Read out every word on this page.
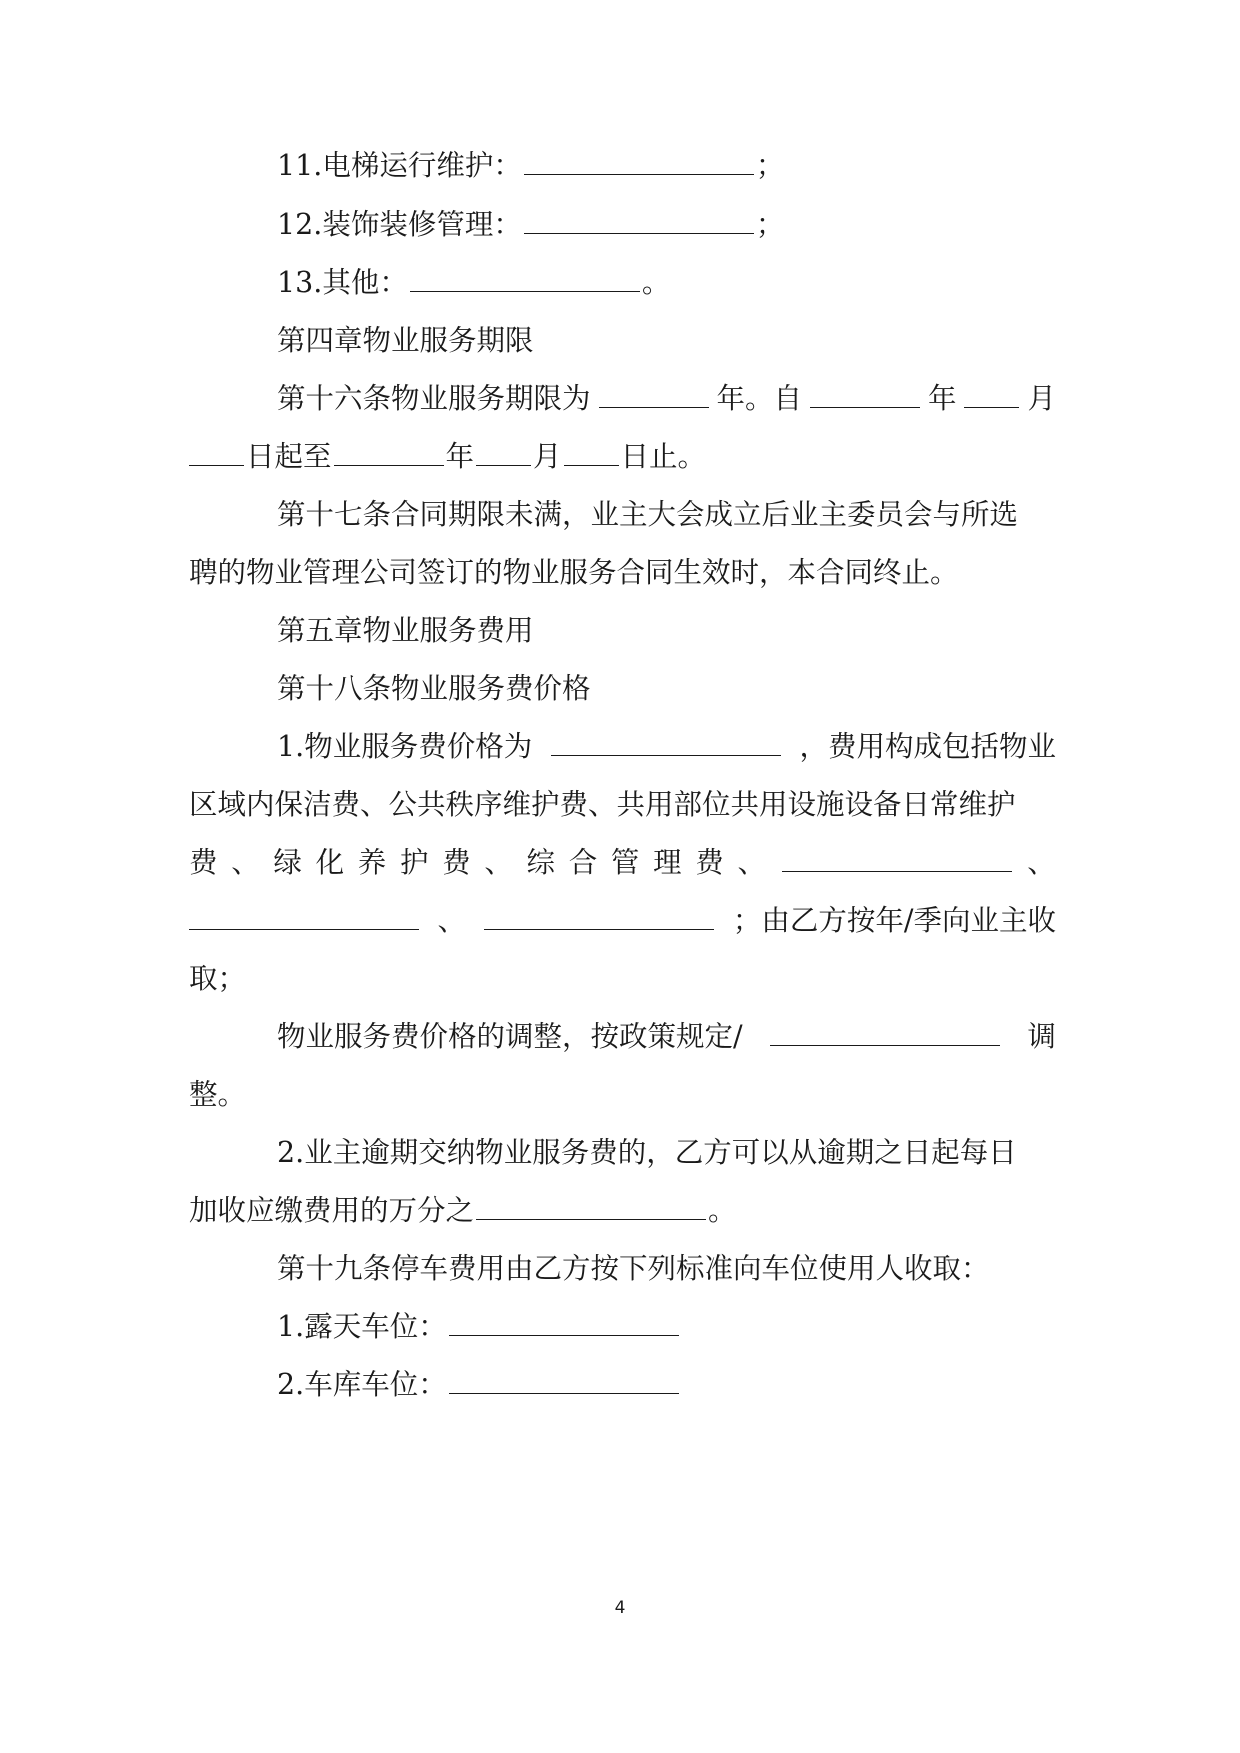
11.电梯运行维护：	；
12.装饰装修管理：	；
13.其他：	。
第四章物业服务期限
第十六条物业服务期限为	年。自	年 月
日起至	年 月 日止。
第十七条合同期限未满，业主大会成立后业主委员会与所选
聘的物业管理公司签订的物业服务合同生效时，本合同终止。
第五章物业服务费用
第十八条物业服务费价格
1.物业服务费价格为	，费用构成包括物业
区域内保洁费、公共秩序维护费、共用部位共用设施设备日常维护
费 、 绿 化 养 护 费 、 综 合 管 理 费 、	、
、	；由乙方按年/季向业主收
取；
物业服务费价格的调整，按政策规定/	调
整。
2.业主逾期交纳物业服务费的，乙方可以从逾期之日起每日
加收应缴费用的万分之	。
第十九条停车费用由乙方按下列标准向车位使用人收取：
1.露天车位：
2.车库车位：
4
